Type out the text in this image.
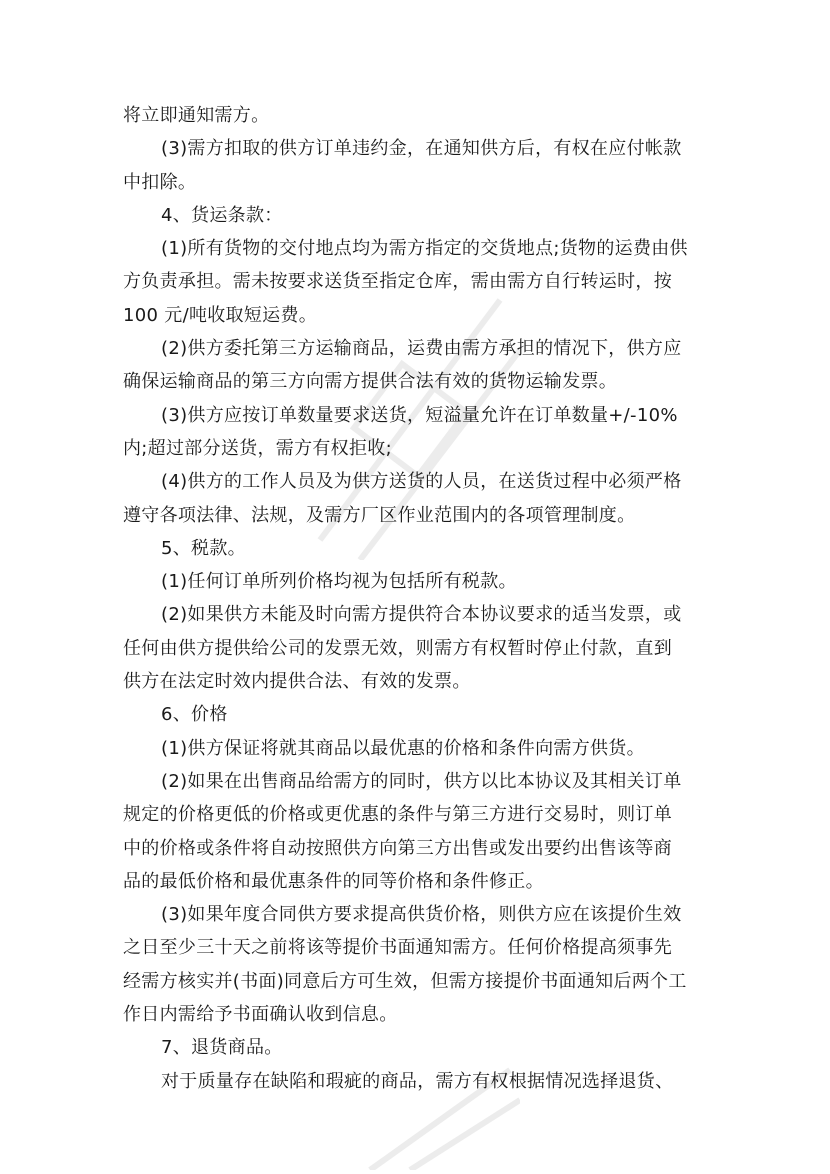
将立即通知需方。

(3)需方扣取的供方订单违约金，在通知供方后，有权在应付帐款

中扣除。

4、货运条款：

(1)所有货物的交付地点均为需方指定的交货地点;货物的运费由供

方负责承担。需未按要求送货至指定仓库，需由需方自行转运时，按

100 元/吨收取短运费。

(2)供方委托第三方运输商品，运费由需方承担的情况下，供方应

确保运输商品的第三方向需方提供合法有效的货物运输发票。

(3)供方应按订单数量要求送货，短溢量允许在订单数量+/-10%

内;超过部分送货，需方有权拒收;

(4)供方的工作人员及为供方送货的人员，在送货过程中必须严格

遵守各项法律、法规，及需方厂区作业范围内的各项管理制度。

5、税款。

(1)任何订单所列价格均视为包括所有税款。

(2)如果供方未能及时向需方提供符合本协议要求的适当发票，或

任何由供方提供给公司的发票无效，则需方有权暂时停止付款，直到

供方在法定时效内提供合法、有效的发票。

6、价格

(1)供方保证将就其商品以最优惠的价格和条件向需方供货。

(2)如果在出售商品给需方的同时，供方以比本协议及其相关订单

规定的价格更低的价格或更优惠的条件与第三方进行交易时，则订单

中的价格或条件将自动按照供方向第三方出售或发出要约出售该等商

品的最低价格和最优惠条件的同等价格和条件修正。

(3)如果年度合同供方要求提高供货价格，则供方应在该提价生效

之日至少三十天之前将该等提价书面通知需方。任何价格提高须事先

经需方核实并(书面)同意后方可生效，但需方接提价书面通知后两个工

作日内需给予书面确认收到信息。

7、退货商品。

对于质量存在缺陷和瑕疵的商品，需方有权根据情况选择退货、
